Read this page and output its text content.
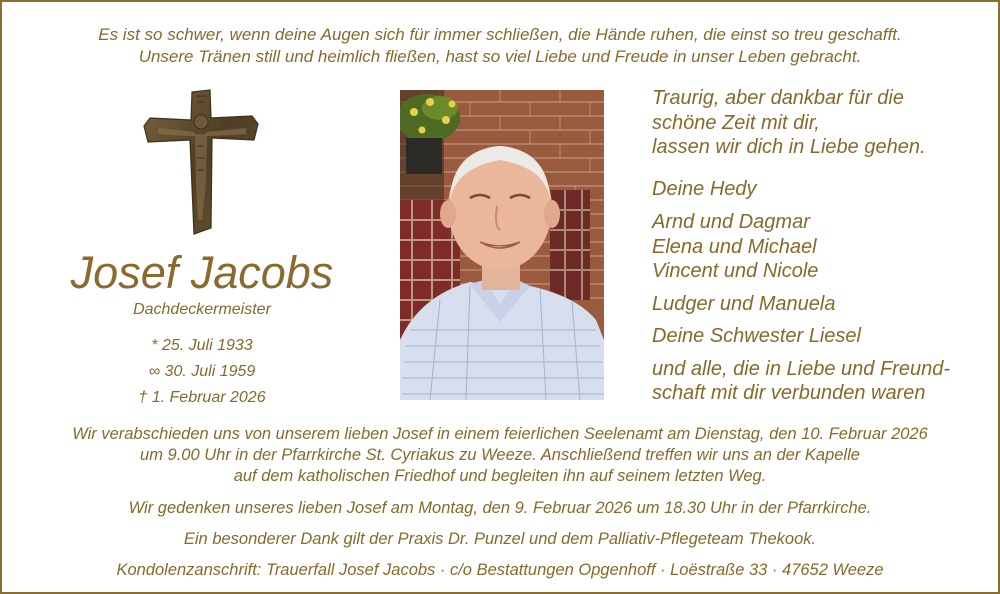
Es ist so schwer, wenn deine Augen sich für immer schließen, die Hände ruhen, die einst so treu geschafft.
Unsere Tränen still und heimlich fließen, hast so viel Liebe und Freude in unser Leben gebracht.
Josef Jacobs
Dachdeckermeister
* 25. Juli 1933
∞ 30. Juli 1959
† 1. Februar 2026
Traurig, aber dankbar für die
schöne Zeit mit dir,
lassen wir dich in Liebe gehen.
Deine Hedy
Arnd und Dagmar
Elena und Michael
Vincent und Nicole
Ludger und Manuela
Deine Schwester Liesel
und alle, die in Liebe und Freund-
schaft mit dir verbunden waren
Wir verabschieden uns von unserem lieben Josef in einem feierlichen Seelenamt am Dienstag, den 10. Februar 2026
um 9.00 Uhr in der Pfarrkirche St. Cyriakus zu Weeze. Anschließend treffen wir uns an der Kapelle
auf dem katholischen Friedhof und begleiten ihn auf seinem letzten Weg.
Wir gedenken unseres lieben Josef am Montag, den 9. Februar 2026 um 18.30 Uhr in der Pfarrkirche.
Ein besonderer Dank gilt der Praxis Dr. Punzel und dem Palliativ-Pflegeteam Thekook.
Kondolenzanschrift: Trauerfall Josef Jacobs · c/o Bestattungen Opgenhoff · Loëstraße 33 · 47652 Weeze
